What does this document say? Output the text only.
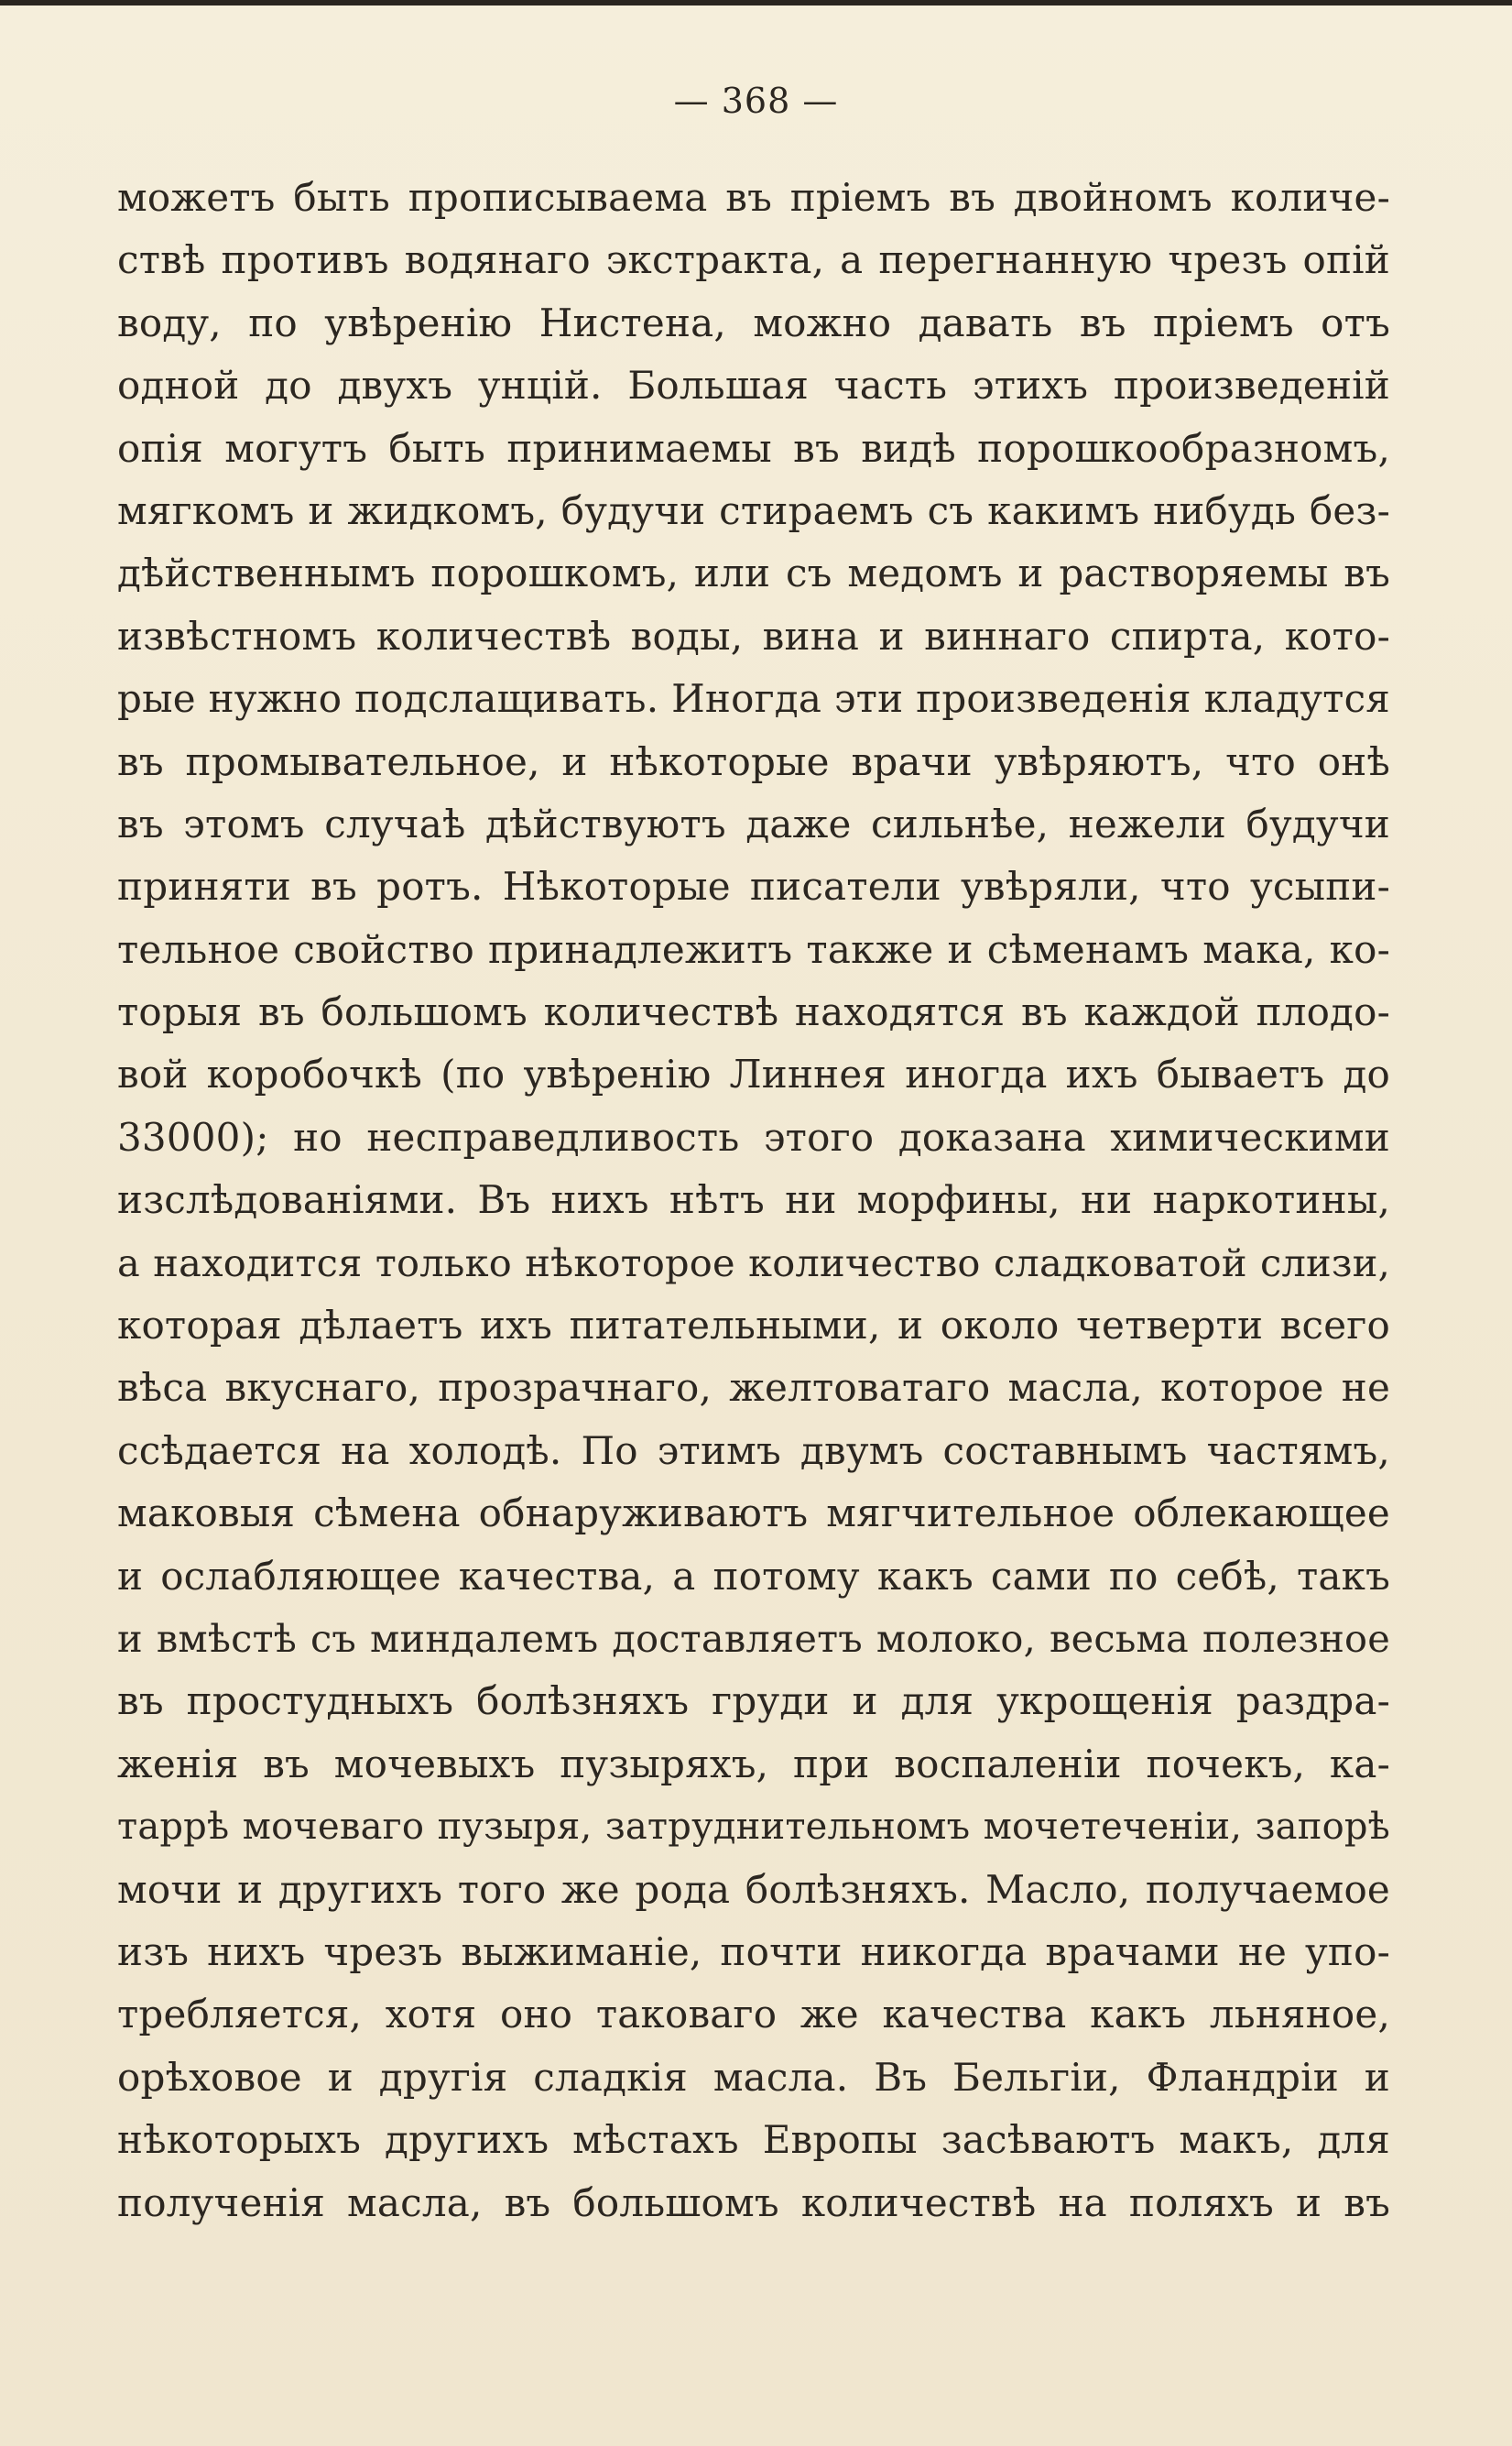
— 368 —
можетъ быть прописываема въ пріемъ въ двойномъ количе-
ствѣ противъ водянаго экстракта, а перегнанную чрезъ опій
воду, по увѣренію Нистена, можно давать въ пріемъ отъ
одной до двухъ унцій. Большая часть этихъ произведеній
опія могутъ быть принимаемы въ видѣ порошкообразномъ,
мягкомъ и жидкомъ, будучи стираемъ съ какимъ нибудь без-
дѣйственнымъ порошкомъ, или съ медомъ и растворяемы въ
извѣстномъ количествѣ воды, вина и виннаго спирта, кото-
рые нужно подслащивать. Иногда эти произведенія кладутся
въ промывательное, и нѣкоторые врачи увѣряютъ, что онѣ
въ этомъ случаѣ дѣйствуютъ даже сильнѣе, нежели будучи
приняти въ ротъ. Нѣкоторые писатели увѣряли, что усыпи-
тельное свойство принадлежитъ также и сѣменамъ мака, ко-
торыя въ большомъ количествѣ находятся въ каждой плодо-
вой коробочкѣ (по увѣренію Линнея иногда ихъ бываетъ до
33000); но несправедливость этого доказана химическими
изслѣдованіями. Въ нихъ нѣтъ ни морфины, ни наркотины,
а находится только нѣкоторое количество сладковатой слизи,
которая дѣлаетъ ихъ питательными, и около четверти всего
вѣса вкуснаго, прозрачнаго, желтоватаго масла, которое не
ссѣдается на холодѣ. По этимъ двумъ составнымъ частямъ,
маковыя сѣмена обнаруживаютъ мягчительное облекающее
и ослабляющее качества, а потому какъ сами по себѣ, такъ
и вмѣстѣ съ миндалемъ доставляетъ молоко, весьма полезное
въ простудныхъ болѣзняхъ груди и для укрощенія раздра-
женія въ мочевыхъ пузыряхъ, при воспаленіи почекъ, ка-
таррѣ мочеваго пузыря, затруднительномъ мочетеченіи, запорѣ
мочи и другихъ того же рода болѣзняхъ. Масло, получаемое
изъ нихъ чрезъ выжиманіе, почти никогда врачами не упо-
требляется, хотя оно таковаго же качества какъ льняное,
орѣховое и другія сладкія масла. Въ Бельгіи, Фландріи и
нѣкоторыхъ другихъ мѣстахъ Европы засѣваютъ макъ, для
полученія масла, въ большомъ количествѣ на поляхъ и въ
